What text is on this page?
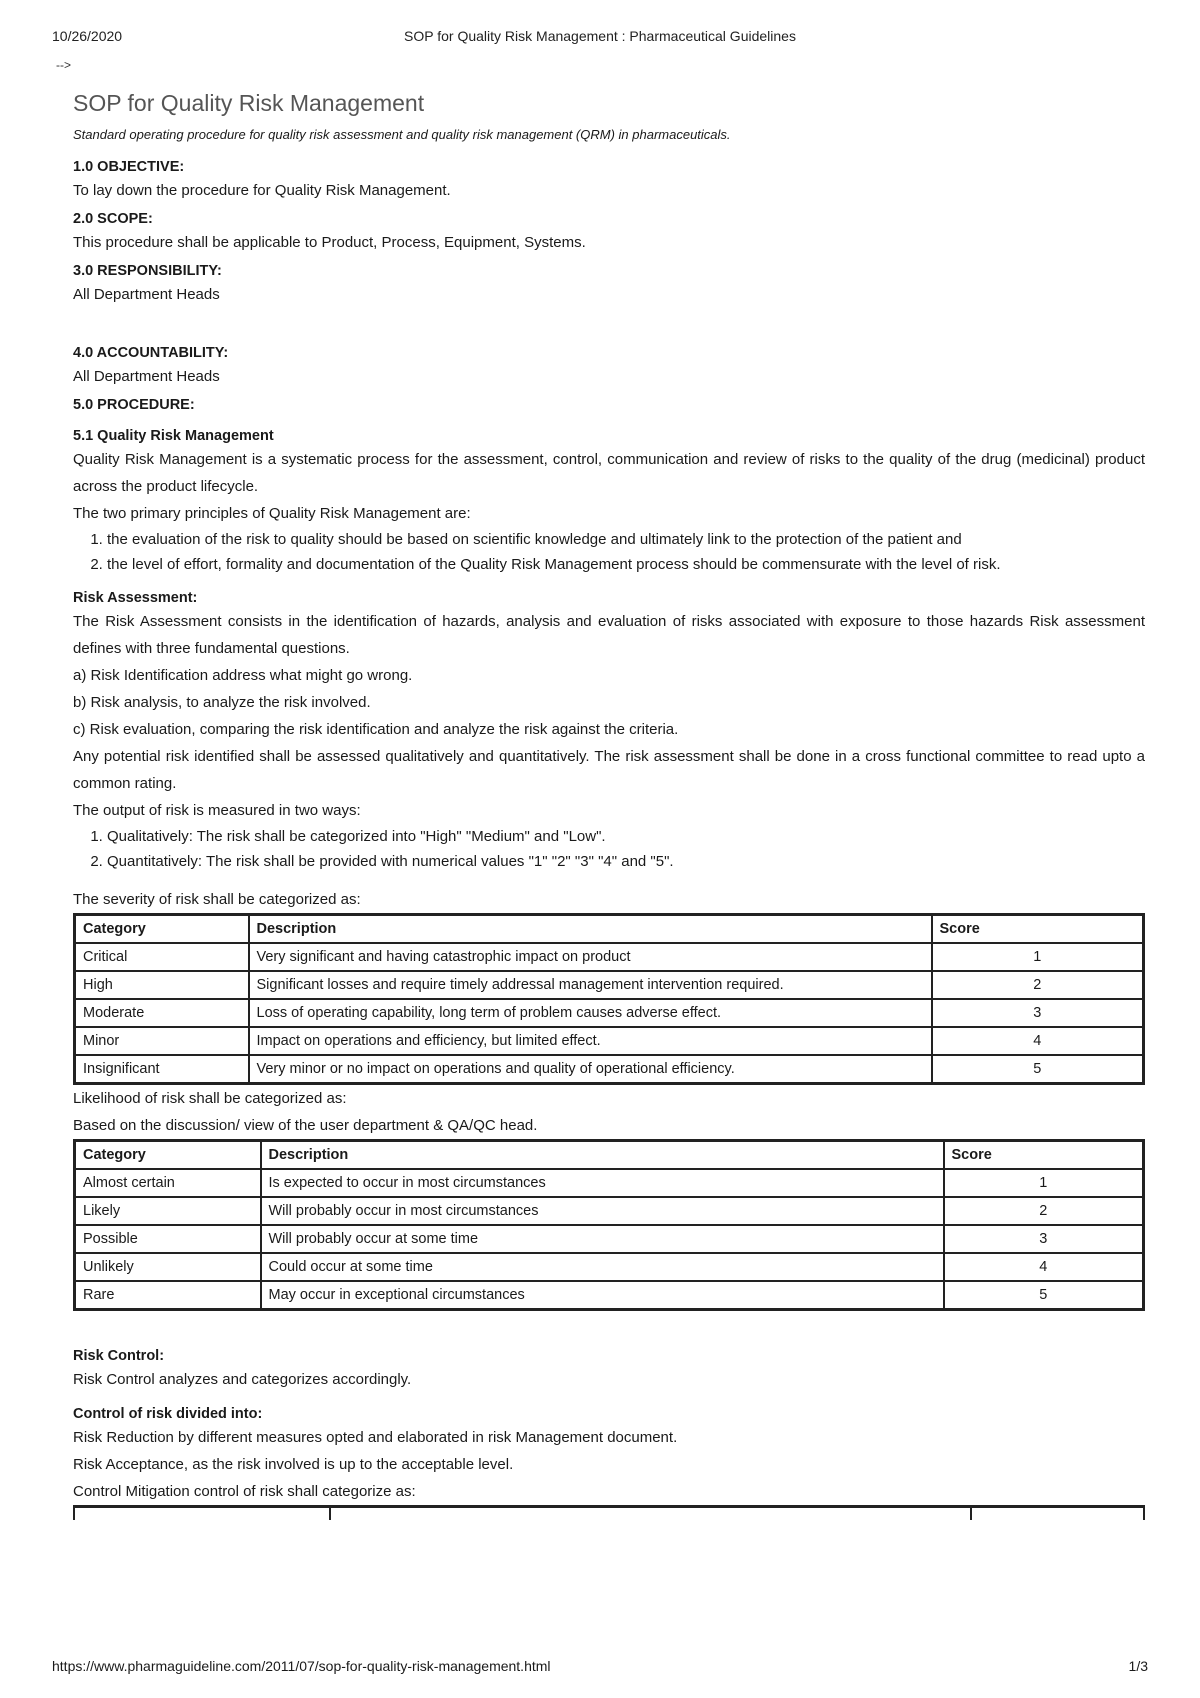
10/26/2020	SOP for Quality Risk Management : Pharmaceutical Guidelines
-->
SOP for Quality Risk Management
Standard operating procedure for quality risk assessment and quality risk management (QRM) in pharmaceuticals.
1.0 OBJECTIVE:
To lay down the procedure for Quality Risk Management.
2.0 SCOPE:
This procedure shall be applicable to Product, Process, Equipment, Systems.
3.0 RESPONSIBILITY:
All Department Heads
4.0 ACCOUNTABILITY:
All Department Heads
5.0 PROCEDURE:
5.1 Quality Risk Management
Quality Risk Management is a systematic process for the assessment, control, communication and review of risks to the quality of the drug (medicinal) product across the product lifecycle.
The two primary principles of Quality Risk Management are:
1. the evaluation of the risk to quality should be based on scientific knowledge and ultimately link to the protection of the patient and
2. the level of effort, formality and documentation of the Quality Risk Management process should be commensurate with the level of risk.
Risk Assessment:
The Risk Assessment consists in the identification of hazards, analysis and evaluation of risks associated with exposure to those hazards Risk assessment defines with three fundamental questions.
a) Risk Identification address what might go wrong.
b) Risk analysis, to analyze the risk involved.
c) Risk evaluation, comparing the risk identification and analyze the risk against the criteria.
Any potential risk identified shall be assessed qualitatively and quantitatively. The risk assessment shall be done in a cross functional committee to read upto a common rating.
The output of risk is measured in two ways:
1. Qualitatively: The risk shall be categorized into "High" "Medium" and "Low".
2. Quantitatively: The risk shall be provided with numerical values "1" "2" "3" "4" and "5".
The severity of risk shall be categorized as:
Category	Description	Score
Critical	Very significant and having catastrophic impact on product	1
High	Significant losses and require timely addressal management intervention required.	2
Moderate	Loss of operating capability, long term of problem causes adverse effect.	3
Minor	Impact on operations and efficiency, but limited effect.	4
Insignificant	Very minor or no impact on operations and quality of operational efficiency.	5
Likelihood of risk shall be categorized as:
Based on the discussion/ view of the user department & QA/QC head.
Category	Description	Score
Almost certain	Is expected to occur in most circumstances	1
Likely	Will probably occur in most circumstances	2
Possible	Will probably occur at some time	3
Unlikely	Could occur at some time	4
Rare	May occur in exceptional circumstances	5
Risk Control:
Risk Control analyzes and categorizes accordingly.
Control of risk divided into:
Risk Reduction by different measures opted and elaborated in risk Management document.
Risk Acceptance, as the risk involved is up to the acceptable level.
Control Mitigation control of risk shall categorize as:
https://www.pharmaguideline.com/2011/07/sop-for-quality-risk-management.html	1/3
